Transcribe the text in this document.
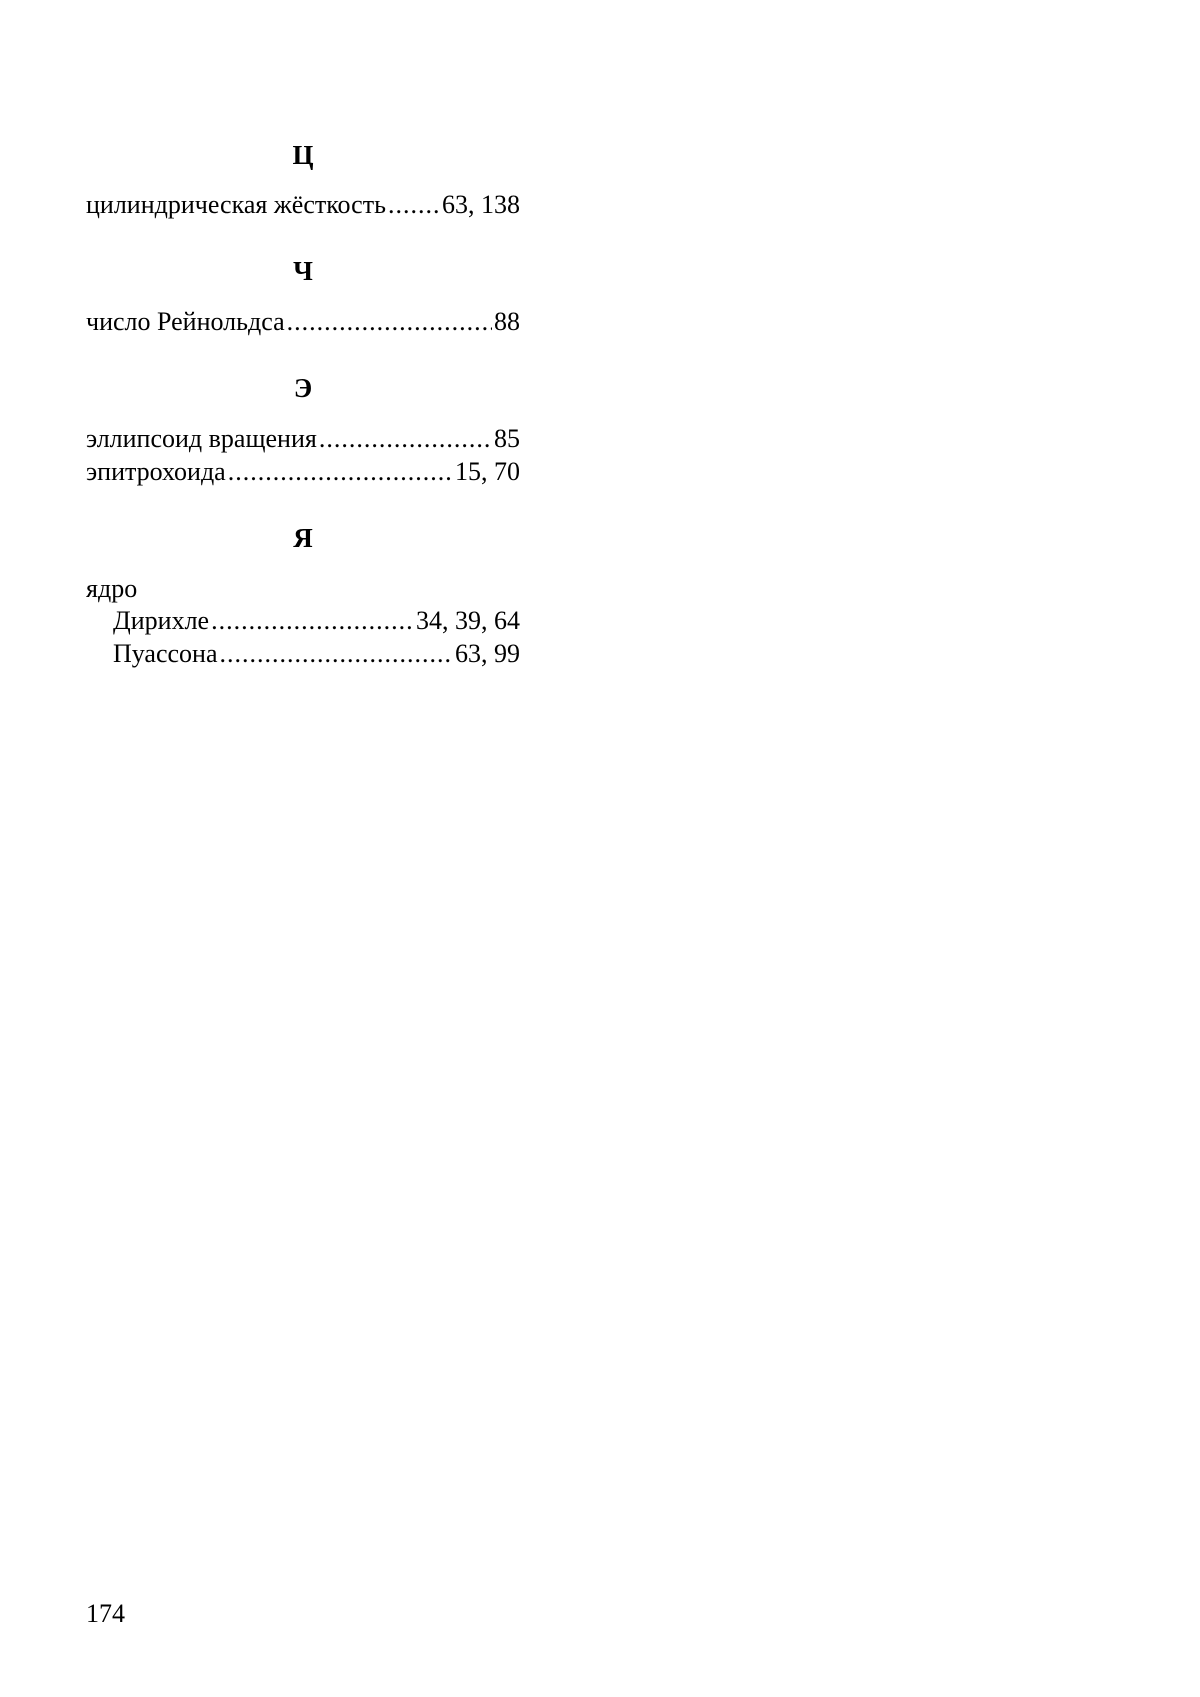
Ц
цилиндрическая жёсткость ..... 63, 138
Ч
число Рейнольдса .....	88
Э
эллипсоид вращения .....	85
эпитрохоида .....	15, 70
Я
ядро
Дирихле .....	34, 39, 64
Пуассона .....	63, 99
174
